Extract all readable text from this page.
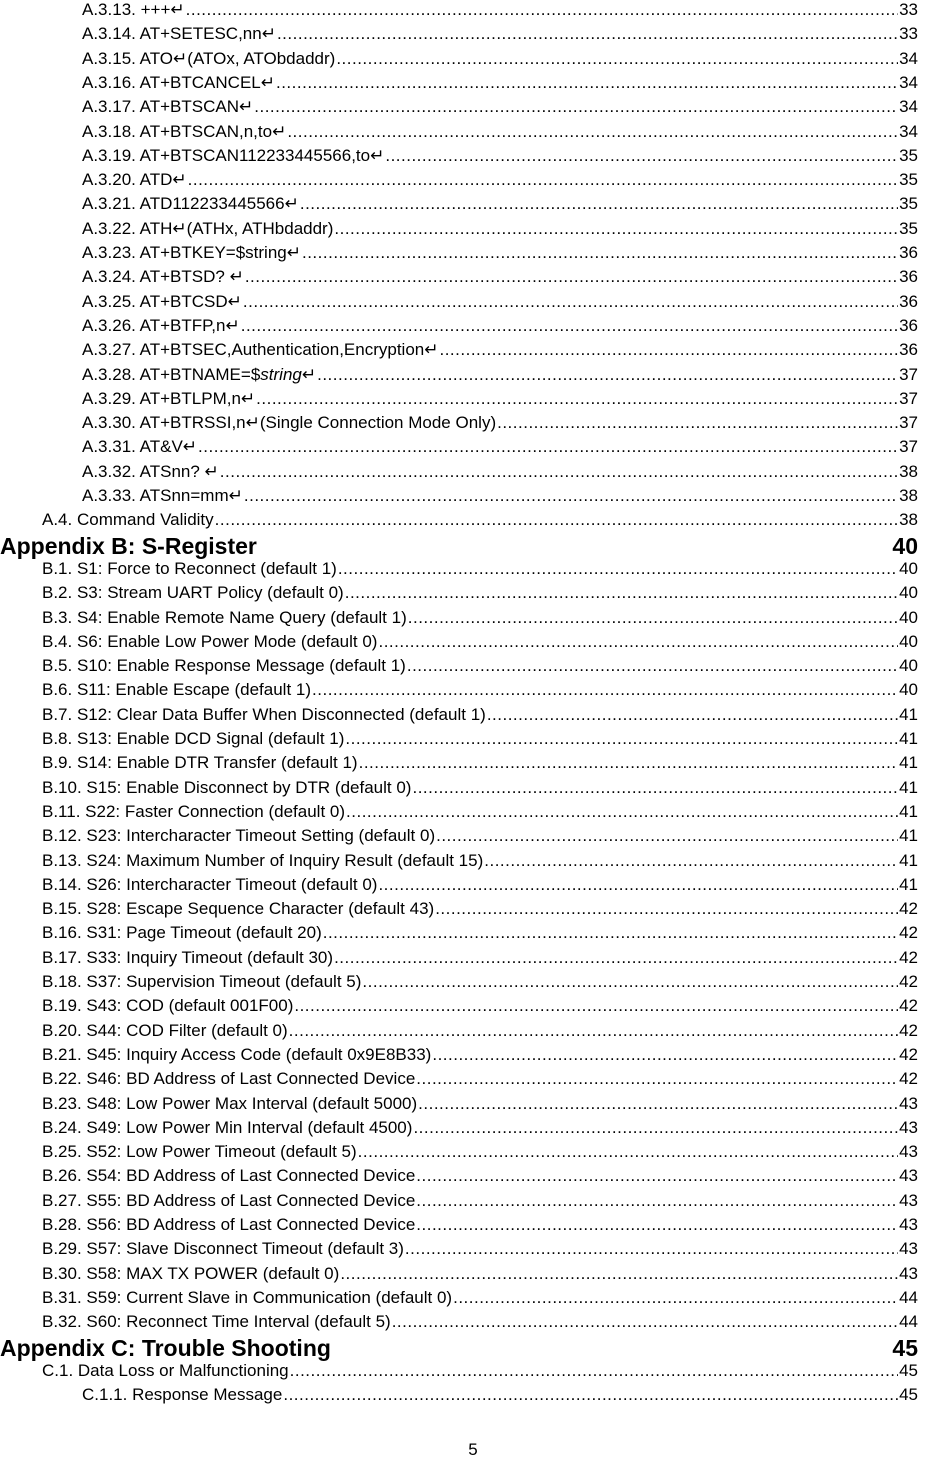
A.3.13. +++↵ .....	33
A.3.14. AT+SETESC,nn↵ .....	33
A.3.15. ATO↵(ATOx, ATObdaddr) .....	34
A.3.16. AT+BTCANCEL↵ .....	34
A.3.17. AT+BTSCAN↵ .....	34
A.3.18. AT+BTSCAN,n,to↵ .....	34
A.3.19. AT+BTSCAN112233445566,to↵ .....	35
A.3.20. ATD↵ .....	35
A.3.21. ATD112233445566↵ .....	35
A.3.22. ATH↵(ATHx, ATHbdaddr) .....	35
A.3.23. AT+BTKEY=$string↵ .....	36
A.3.24. AT+BTSD? ↵ .....	36
A.3.25. AT+BTCSD↵ .....	36
A.3.26. AT+BTFP,n↵ .....	36
A.3.27. AT+BTSEC,Authentication,Encryption↵ .....	36
A.3.28. AT+BTNAME=$string↵ .....	37
A.3.29. AT+BTLPM,n↵ .....	37
A.3.30. AT+BTRSSI,n↵(Single Connection Mode Only) .....	37
A.3.31. AT&V↵ .....	37
A.3.32. ATSnn? ↵ .....	38
A.3.33. ATSnn=mm↵ .....	38
A.4. Command Validity .....	38
Appendix B: S-Register	40
B.1. S1: Force to Reconnect (default 1) .....	40
B.2. S3: Stream UART Policy (default 0) .....	40
B.3. S4: Enable Remote Name Query (default 1) .....	40
B.4. S6: Enable Low Power Mode (default 0) .....	40
B.5. S10: Enable Response Message (default 1) .....	40
B.6. S11: Enable Escape (default 1) .....	40
B.7. S12: Clear Data Buffer When Disconnected (default 1) .....	41
B.8. S13: Enable DCD Signal (default 1) .....	41
B.9. S14: Enable DTR Transfer (default 1) .....	41
B.10. S15: Enable Disconnect by DTR (default 0) .....	41
B.11. S22: Faster Connection (default 0) .....	41
B.12. S23: Intercharacter Timeout Setting (default 0) .....	41
B.13. S24: Maximum Number of Inquiry Result (default 15) .....	41
B.14. S26: Intercharacter Timeout (default 0) .....	41
B.15. S28: Escape Sequence Character (default 43) .....	42
B.16. S31: Page Timeout (default 20) .....	42
B.17. S33: Inquiry Timeout (default 30) .....	42
B.18. S37: Supervision Timeout (default 5) .....	42
B.19. S43: COD (default 001F00) .....	42
B.20. S44: COD Filter (default 0) .....	42
B.21. S45: Inquiry Access Code (default 0x9E8B33) .....	42
B.22. S46: BD Address of Last Connected Device .....	42
B.23. S48: Low Power Max Interval (default 5000) .....	43
B.24. S49: Low Power Min Interval (default 4500) .....	43
B.25. S52: Low Power Timeout (default 5) .....	43
B.26. S54: BD Address of Last Connected Device .....	43
B.27. S55: BD Address of Last Connected Device .....	43
B.28. S56: BD Address of Last Connected Device .....	43
B.29. S57: Slave Disconnect Timeout (default 3) .....	43
B.30. S58: MAX TX POWER (default 0) .....	43
B.31. S59: Current Slave in Communication (default 0) .....	44
B.32. S60: Reconnect Time Interval (default 5) .....	44
Appendix C: Trouble Shooting	45
C.1. Data Loss or Malfunctioning .....	45
C.1.1. Response Message .....	45
5
